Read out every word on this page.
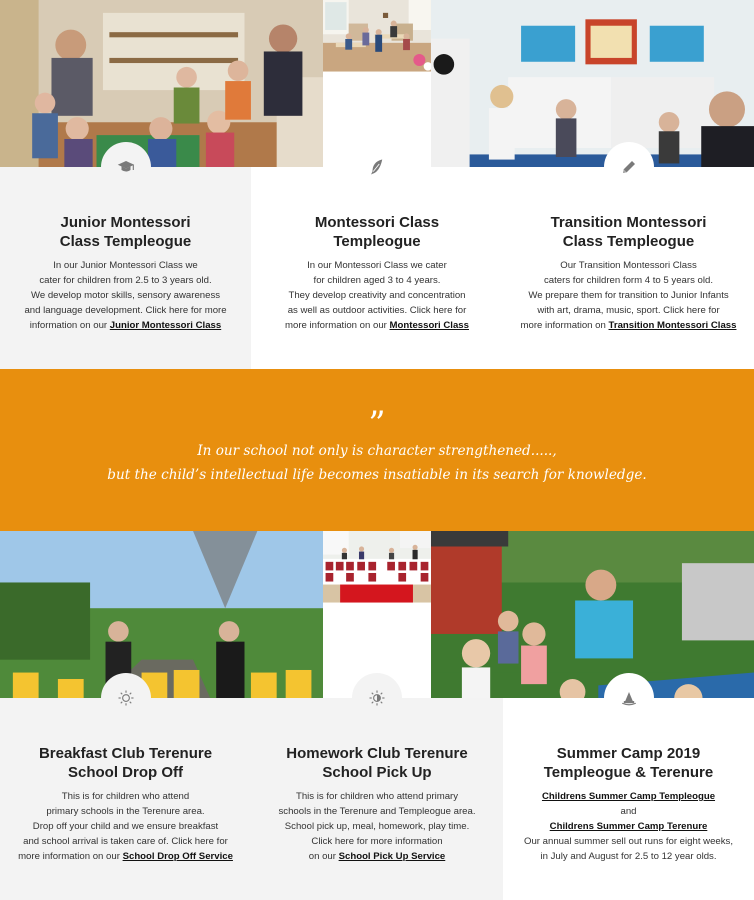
Junior Montessori
Class Templeogue
In our Junior Montessori Class we
cater for children from 2.5 to 3 years old.
We develop motor skills, sensory awareness
and language development. Click here for more
information on our Junior Montessori Class
Montessori Class
Templeogue
In our Montessori Class we cater
for children aged 3 to 4 years.
They develop creativity and concentration
as well as outdoor activities. Click here for
more information on our Montessori Class
Transition Montessori
Class Templeogue
Our Transition Montessori Class
caters for children form 4 to 5 years old.
We prepare them for transition to Junior Infants
with art, drama, music, sport. Click here for
more information on Transition Montessori Class
”
In our school not only is character strengthened.....,
but the child’s intellectual life becomes insatiable in its search for knowledge.
Breakfast Club Terenure
School Drop Off
This is for children who attend
primary schools in the Terenure area.
Drop off your child and we ensure breakfast
and school arrival is taken care of. Click here for
more information on our School Drop Off Service
Homework Club Terenure
School Pick Up
This is for children who attend primary
schools in the Terenure and Templeogue area.
School pick up, meal, homework, play time.
Click here for more information
on our School Pick Up Service
Summer Camp 2019
Templeogue & Terenure
Childrens Summer Camp Templeogue
and
Childrens Summer Camp Terenure
Our annual summer sell out runs for eight weeks,
in July and August for 2.5 to 12 year olds.
